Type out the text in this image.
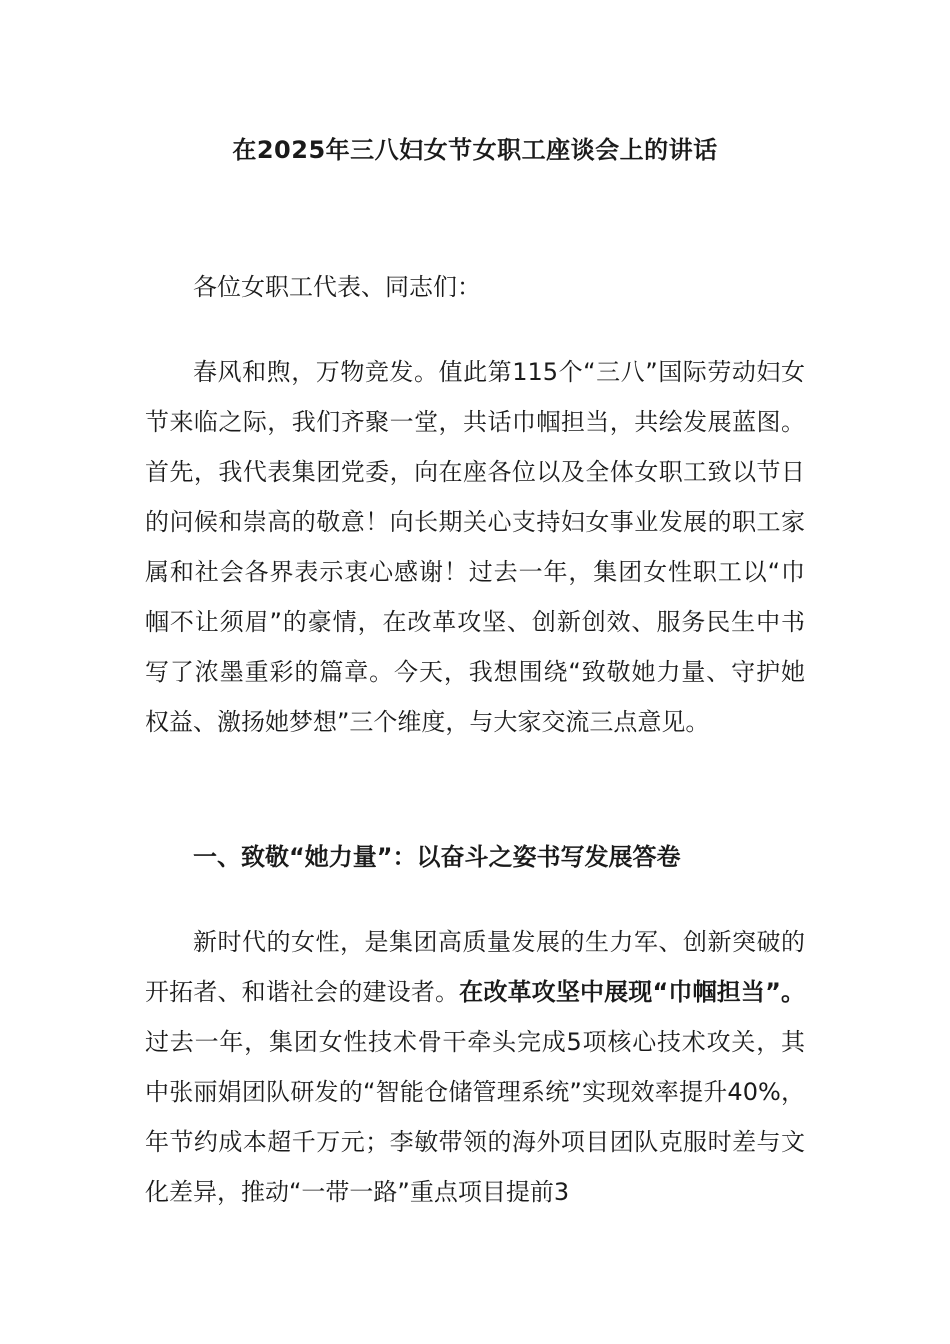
在2025年三八妇女节女职工座谈会上的讲话

各位女职工代表、同志们：

春风和煦，万物竞发。值此第115个“三八”国际劳动妇女节来临之际，我们齐聚一堂，共话巾帼担当，共绘发展蓝图。首先，我代表集团党委，向在座各位以及全体女职工致以节日的问候和崇高的敬意！向长期关心支持妇女事业发展的职工家属和社会各界表示衷心感谢！过去一年，集团女性职工以“巾帼不让须眉”的豪情，在改革攻坚、创新创效、服务民生中书写了浓墨重彩的篇章。今天，我想围绕“致敬她力量、守护她权益、激扬她梦想”三个维度，与大家交流三点意见。

一、致敬“她力量”：以奋斗之姿书写发展答卷

新时代的女性，是集团高质量发展的生力军、创新突破的开拓者、和谐社会的建设者。在改革攻坚中展现“巾帼担当”。过去一年，集团女性技术骨干牵头完成5项核心技术攻关，其中张丽娟团队研发的“智能仓储管理系统”实现效率提升40%，年节约成本超千万元；李敏带领的海外项目团队克服时差与文化差异，推动“一带一路”重点项目提前3
